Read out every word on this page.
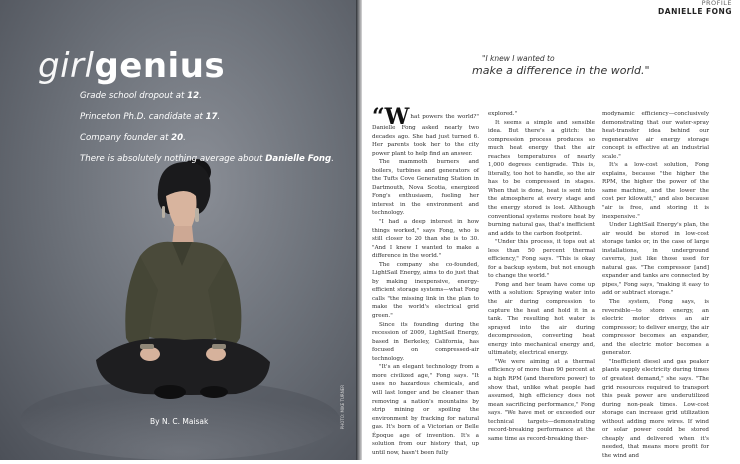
girlgenius
Grade school dropout at 12.
Princeton Ph.D. candidate at 17.
Company founder at 20.
There is absolutely nothing average about Danielle Fong.
By N. C. Maisak	PHOTO: MIKE TURNER
PROFILE
DANIELLE FONG
"I knew I wanted to
make a difference in the world."

“What powers the world?" Danielle Fong asked nearly two decades ago. She had just turned 6. Her parents took her to the city power plant to help find an answer.

The mammoth burners and boilers, turbines and generators of the Tufts Cove Generating Station in Dartmouth, Nova Scotia, energized Fong's enthusiasm, fueling her interest in the environment and technology.

"I had a deep interest in how things worked," says Fong, who is still closer to 20 than she is to 30. "And I knew I wanted to make a difference in the world."

The company she co-founded, LightSail Energy, aims to do just that by making inexpensive, energy-efficient storage systems—what Fong calls "the missing link in the plan to make the world's electrical grid green."

Since its founding during the recession of 2009, LightSail Energy, based in Berkeley, California, has focused on compressed-air technology.

"It's an elegant technology from a more civilized age," Fong says. "It uses no hazardous chemicals, and will last longer and be cleaner than removing a nation's mountains by strip mining or spoiling the environment by fracking for natural gas. It's born of a Victorian or Belle Époque age of invention. It's a solution from our history that, up until now, hasn't been fully

explored."

It seems a simple and sensible idea. But there's a glitch: the compression process produces so much heat energy that the air reaches temperatures of nearly 1,000 degrees centigrade. This is, literally, too hot to handle, so the air has to be compressed in stages. When that is done, heat is sent into the atmosphere at every stage and the energy stored is lost. Although conventional systems restore heat by burning natural gas, that's inefficient and adds to the carbon footprint.

"Under this process, it tops out at less than 50 percent thermal efficiency," Fong says. "This is okay for a backup system, but not enough to change the world."

Fong and her team have come up with a solution: Spraying water into the air during compression to capture the heat and hold it in a tank. The resulting hot water is sprayed into the air during decompression, converting heat energy into mechanical energy and, ultimately, electrical energy.

"We were aiming at a thermal efficiency of more than 90 percent at a high RPM (and therefore power) to show that, unlike what people had assumed, high efficiency does not mean sacrificing performance," Fong says. "We have met or exceeded our technical targets—demonstrating record-breaking performance at the same time as record-breaking ther-

modynamic efficiency—conclusively demonstrating that our water-spray heat-transfer idea behind our regenerative air energy storage concept is effective at an industrial scale."

It's a low-cost solution, Fong explains, because "the higher the RPM, the higher the power of the same machine, and the lower the cost per kilowatt," and also because "air is free, and storing it is inexpensive."

Under LightSail Energy's plan, the air would be stored in low-cost storage tanks or, in the case of large installations, in underground caverns, just like those used for natural gas. "The compressor [and] expander and tanks are connected by pipes," Fong says, "making it easy to add or subtract storage."

The system, Fong says, is reversible—to store energy, an electric motor drives an air compressor; to deliver energy, the air compressor becomes an expander, and the electric motor becomes a generator.

"Inefficient diesel and gas peaker plants supply electricity during times of greatest demand," she says. "The grid resources required to transport this peak power are underutilized during non-peak times. Low-cost storage can increase grid utilization without adding more wires. If wind or solar power could be stored cheaply and delivered when it's needed, that means more profit for the wind and
